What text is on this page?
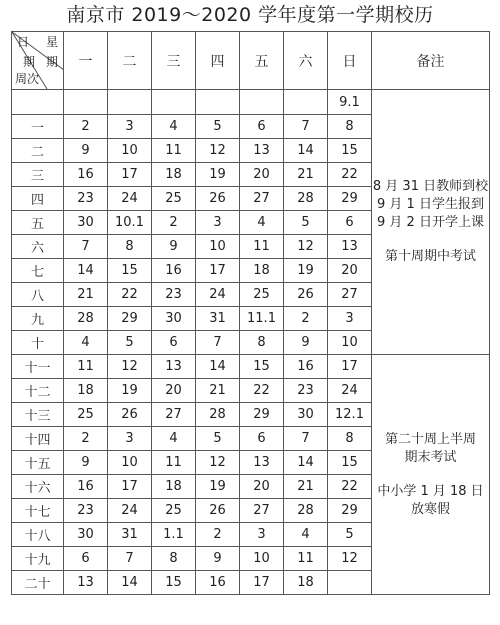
南京市 2019～2020 学年度第一学期校历
日 星
期 期
周次	一	二	三	四	五	六	日	备注
							9.1	8 月 31 日教师到校
9 月 1 日学生报到
9 月 2 日开学上课
第十周期中考试

一	2	3	4	5	6	7	8	
二	9	10	11	12	13	14	15	
三	16	17	18	19	20	21	22	
四	23	24	25	26	27	28	29	
五	30	10.1	2	3	4	5	6	
六	7	8	9	10	11	12	13	
七	14	15	16	17	18	19	20	
八	21	22	23	24	25	26	27	
九	28	29	30	31	11.1	2	3	
十	4	5	6	7	8	9	10	
十一	11	12	13	14	15	16	17	第二十周上半周
期末考试
中小学 1 月 18 日
放寒假

十二	18	19	20	21	22	23	24	
十三	25	26	27	28	29	30	12.1	
十四	2	3	4	5	6	7	8	
十五	9	10	11	12	13	14	15	
十六	16	17	18	19	20	21	22	
十七	23	24	25	26	27	28	29	
十八	30	31	1.1	2	3	4	5	
十九	6	7	8	9	10	11	12	
二十	13	14	15	16	17	18		
